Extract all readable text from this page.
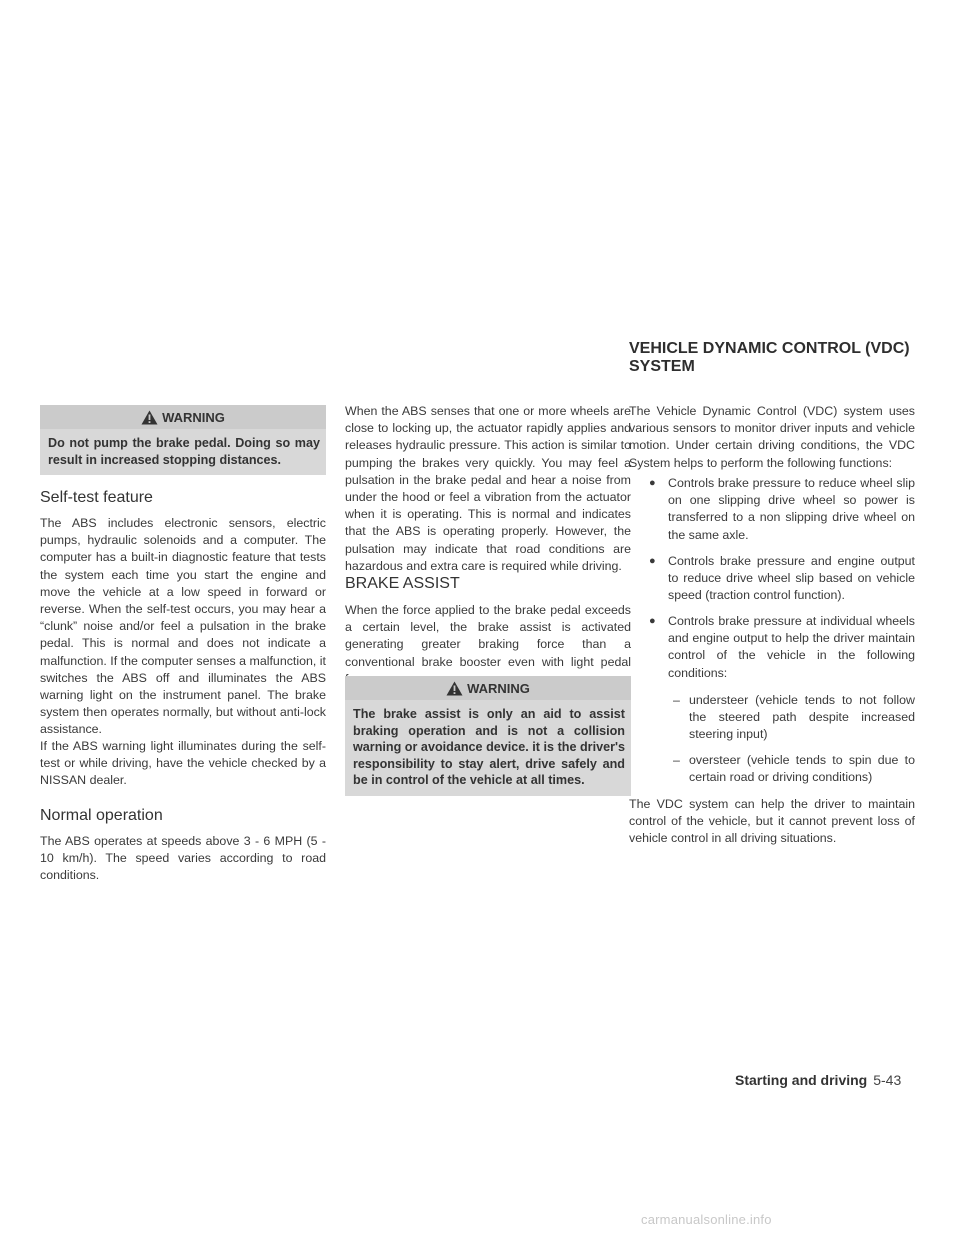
WARNING
Do not pump the brake pedal. Doing so may result in increased stopping distances.
Self-test feature
The ABS includes electronic sensors, electric pumps, hydraulic solenoids and a computer. The computer has a built-in diagnostic feature that tests the system each time you start the engine and move the vehicle at a low speed in forward or reverse. When the self-test occurs, you may hear a “clunk” noise and/or feel a pulsation in the brake pedal. This is normal and does not indicate a malfunction. If the computer senses a malfunction, it switches the ABS off and illuminates the ABS warning light on the instrument panel. The brake system then operates normally, but without anti-lock assistance.
If the ABS warning light illuminates during the self-test or while driving, have the vehicle checked by a NISSAN dealer.
Normal operation
The ABS operates at speeds above 3 - 6 MPH (5 - 10 km/h). The speed varies according to road conditions.
When the ABS senses that one or more wheels are close to locking up, the actuator rapidly applies and releases hydraulic pressure. This action is similar to pumping the brakes very quickly. You may feel a pulsation in the brake pedal and hear a noise from under the hood or feel a vibration from the actuator when it is operating. This is normal and indicates that the ABS is operating properly. However, the pulsation may indicate that road conditions are hazardous and extra care is required while driving.
BRAKE ASSIST
When the force applied to the brake pedal exceeds a certain level, the brake assist is activated generating greater braking force than a conventional brake booster even with light pedal
WARNING
The brake assist is only an aid to assist braking operation and is not a collision warning or avoidance device. it is the driver's responsibility to stay alert, drive safely and be in control of the vehicle at all times.
VEHICLE DYNAMIC CONTROL (VDC) SYSTEM
The Vehicle Dynamic Control (VDC) system uses various sensors to monitor driver inputs and vehicle motion. Under certain driving conditions, the VDC System helps to perform the following functions:
● Controls brake pressure to reduce wheel slip on one slipping drive wheel so power is transferred to a non slipping drive wheel on the same axle.
● Controls brake pressure and engine output to reduce drive wheel slip based on vehicle speed (traction control function).
● Controls brake pressure at individual wheels and engine output to help the driver maintain control of the vehicle in the following conditions:
– understeer (vehicle tends to not follow the steered path despite increased steering input)
– oversteer (vehicle tends to spin due to certain road or driving conditions)
The VDC system can help the driver to maintain control of the vehicle, but it cannot prevent loss of vehicle control in all driving situations.
Starting and driving 5-43
carmanualsonline.info
